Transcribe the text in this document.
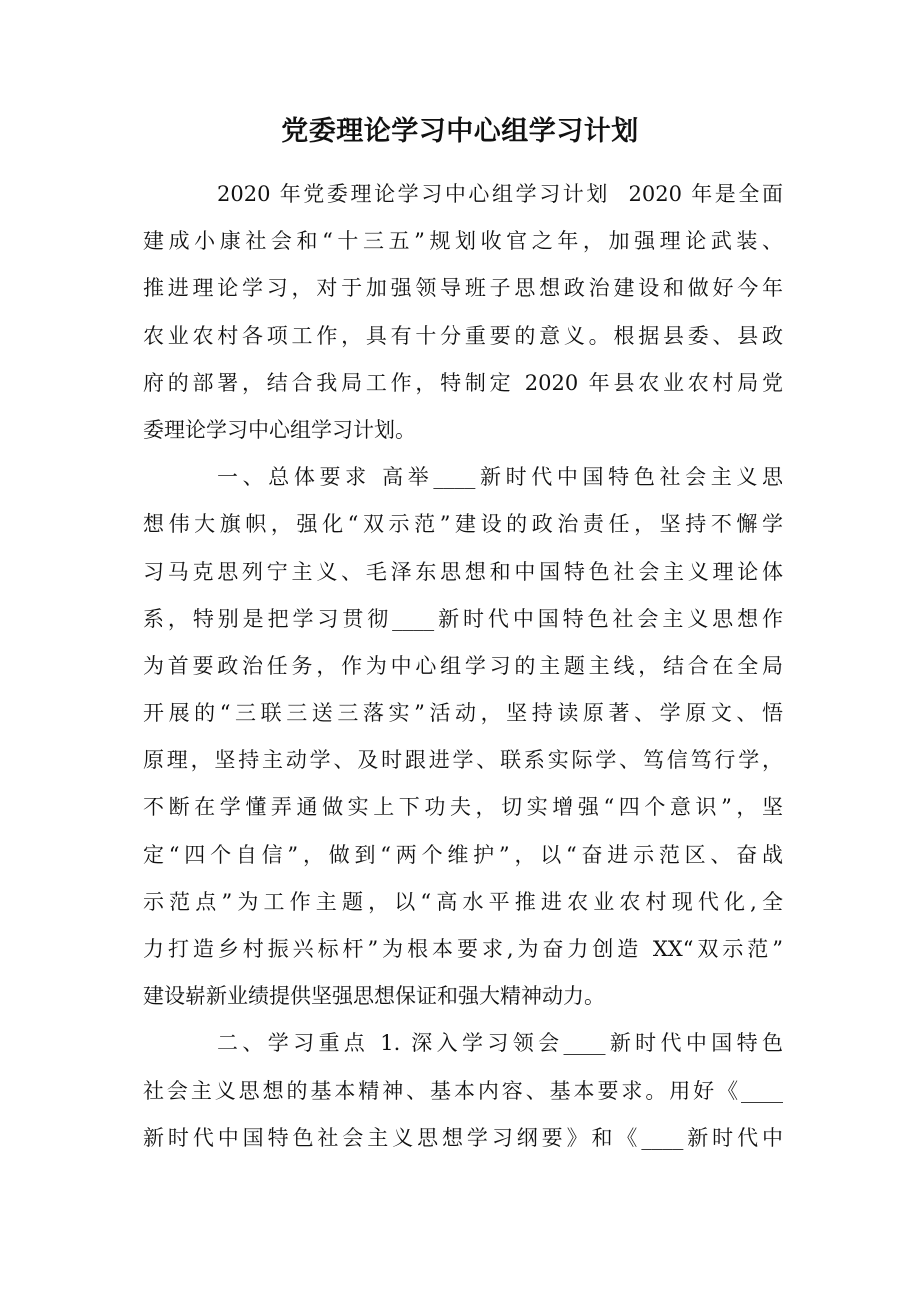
党委理论学习中心组学习计划
2020 年党委理论学习中心组学习计划  2020 年是全面
建成小康社会和“十三五”规划收官之年，加强理论武装、
推进理论学习，对于加强领导班子思想政治建设和做好今年
农业农村各项工作，具有十分重要的意义。根据县委、县政
府的部署，结合我局工作，特制定 2020 年县农业农村局党
委理论学习中心组学习计划。
一、总体要求 高举____新时代中国特色社会主义思
想伟大旗帜，强化“双示范”建设的政治责任，坚持不懈学
习马克思列宁主义、毛泽东思想和中国特色社会主义理论体
系，特别是把学习贯彻____新时代中国特色社会主义思想作
为首要政治任务，作为中心组学习的主题主线，结合在全局
开展的“三联三送三落实”活动，坚持读原著、学原文、悟
原理，坚持主动学、及时跟进学、联系实际学、笃信笃行学，
不断在学懂弄通做实上下功夫，切实增强“四个意识”，坚
定“四个自信”，做到“两个维护”，以“奋进示范区、奋战
示范点”为工作主题，以“高水平推进农业农村现代化,全
力打造乡村振兴标杆”为根本要求,为奋力创造 XX“双示范”
建设崭新业绩提供坚强思想保证和强大精神动力。
二、学习重点 1. 深入学习领会____新时代中国特色
社会主义思想的基本精神、基本内容、基本要求。用好《____
新时代中国特色社会主义思想学习纲要》和《____新时代中
